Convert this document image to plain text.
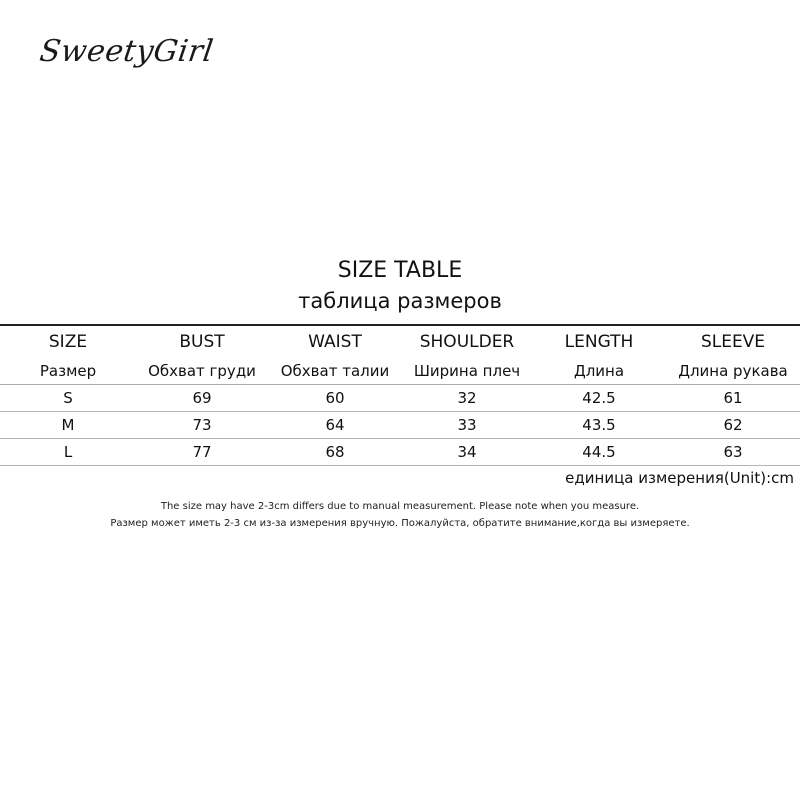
SweetyGirl
SIZE TABLE
таблица размеров
SIZE	BUST	WAIST	SHOULDER	LENGTH	SLEEVE
Размер	Обхват груди	Обхват талии	Ширина плеч	Длина	Длина рукава
S	69	60	32	42.5	61
M	73	64	33	43.5	62
L	77	68	34	44.5	63
единица измерения(Unit):cm
The size may have 2-3cm differs due to manual measurement. Please note when you measure.
Размер может иметь 2-3 см из-за измерения вручную. Пожалуйста, обратите внимание,когда вы измеряете.
